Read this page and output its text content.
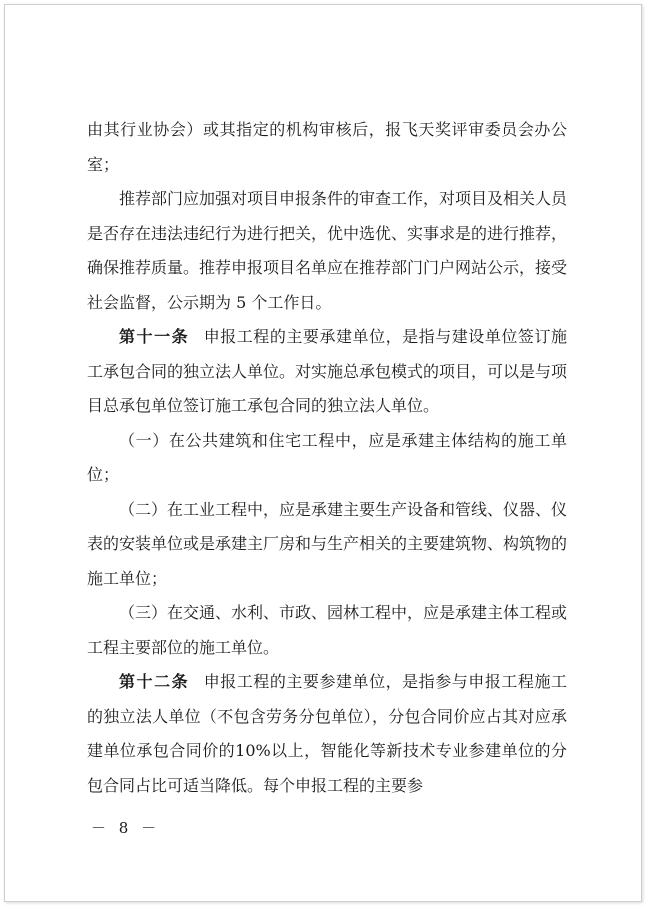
由其行业协会）或其指定的机构审核后，报飞天奖评审委员会办公室；

推荐部门应加强对项目申报条件的审查工作，对项目及相关人员是否存在违法违纪行为进行把关，优中选优、实事求是的进行推荐，确保推荐质量。推荐申报项目名单应在推荐部门门户网站公示，接受社会监督，公示期为 5 个工作日。

第十一条 申报工程的主要承建单位，是指与建设单位签订施工承包合同的独立法人单位。对实施总承包模式的项目，可以是与项目总承包单位签订施工承包合同的独立法人单位。

（一）在公共建筑和住宅工程中，应是承建主体结构的施工单位；

（二）在工业工程中，应是承建主要生产设备和管线、仪器、仪表的安装单位或是承建主厂房和与生产相关的主要建筑物、构筑物的施工单位；

（三）在交通、水利、市政、园林工程中，应是承建主体工程或工程主要部位的施工单位。

第十二条 申报工程的主要参建单位，是指参与申报工程施工的独立法人单位（不包含劳务分包单位），分包合同价应占其对应承建单位承包合同价的10%以上，智能化等新技术专业参建单位的分包合同占比可适当降低。每个申报工程的主要参

－ 8 －
